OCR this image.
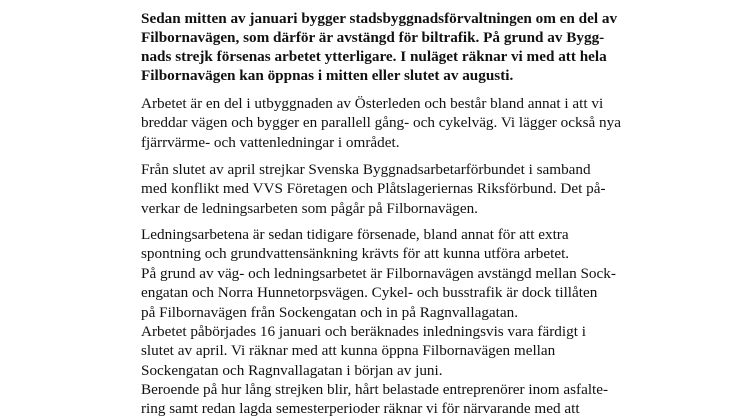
Sedan mitten av januari bygger stadsbyggnadsförvaltningen om en del av
Filbornavägen, som därför är avstängd för biltrafik. På grund av Bygg-
nads strejk försenas arbetet ytterligare. I nuläget räknar vi med att hela
Filbornavägen kan öppnas i mitten eller slutet av augusti.
Arbetet är en del i utbyggnaden av Österleden och består bland annat i att vi
breddar vägen och bygger en parallell gång- och cykelväg. Vi lägger också nya
fjärrvärme- och vattenledningar i området.
Från slutet av april strejkar Svenska Byggnadsarbetarförbundet i samband
med konflikt med VVS Företagen och Plåtslageriernas Riksförbund. Det på-
verkar de ledningsarbeten som pågår på Filbornavägen.
Ledningsarbetena är sedan tidigare försenade, bland annat för att extra
spontning och grundvattensänkning krävts för att kunna utföra arbetet.
På grund av väg- och ledningsarbetet är Filbornavägen avstängd mellan Sock-
engatan och Norra Hunnetorpsvägen. Cykel- och busstrafik är dock tillåten
på Filbornavägen från Sockengatan och in på Ragnvallagatan.
Arbetet påbörjades 16 januari och beräknades inledningsvis vara färdigt i
slutet av april. Vi räknar med att kunna öppna Filbornavägen mellan
Sockengatan och Ragnvallagatan i början av juni.
Beroende på hur lång strejken blir, hårt belastade entreprenörer inom asfalte-
ring samt redan lagda semesterperioder räknar vi för närvarande med att
